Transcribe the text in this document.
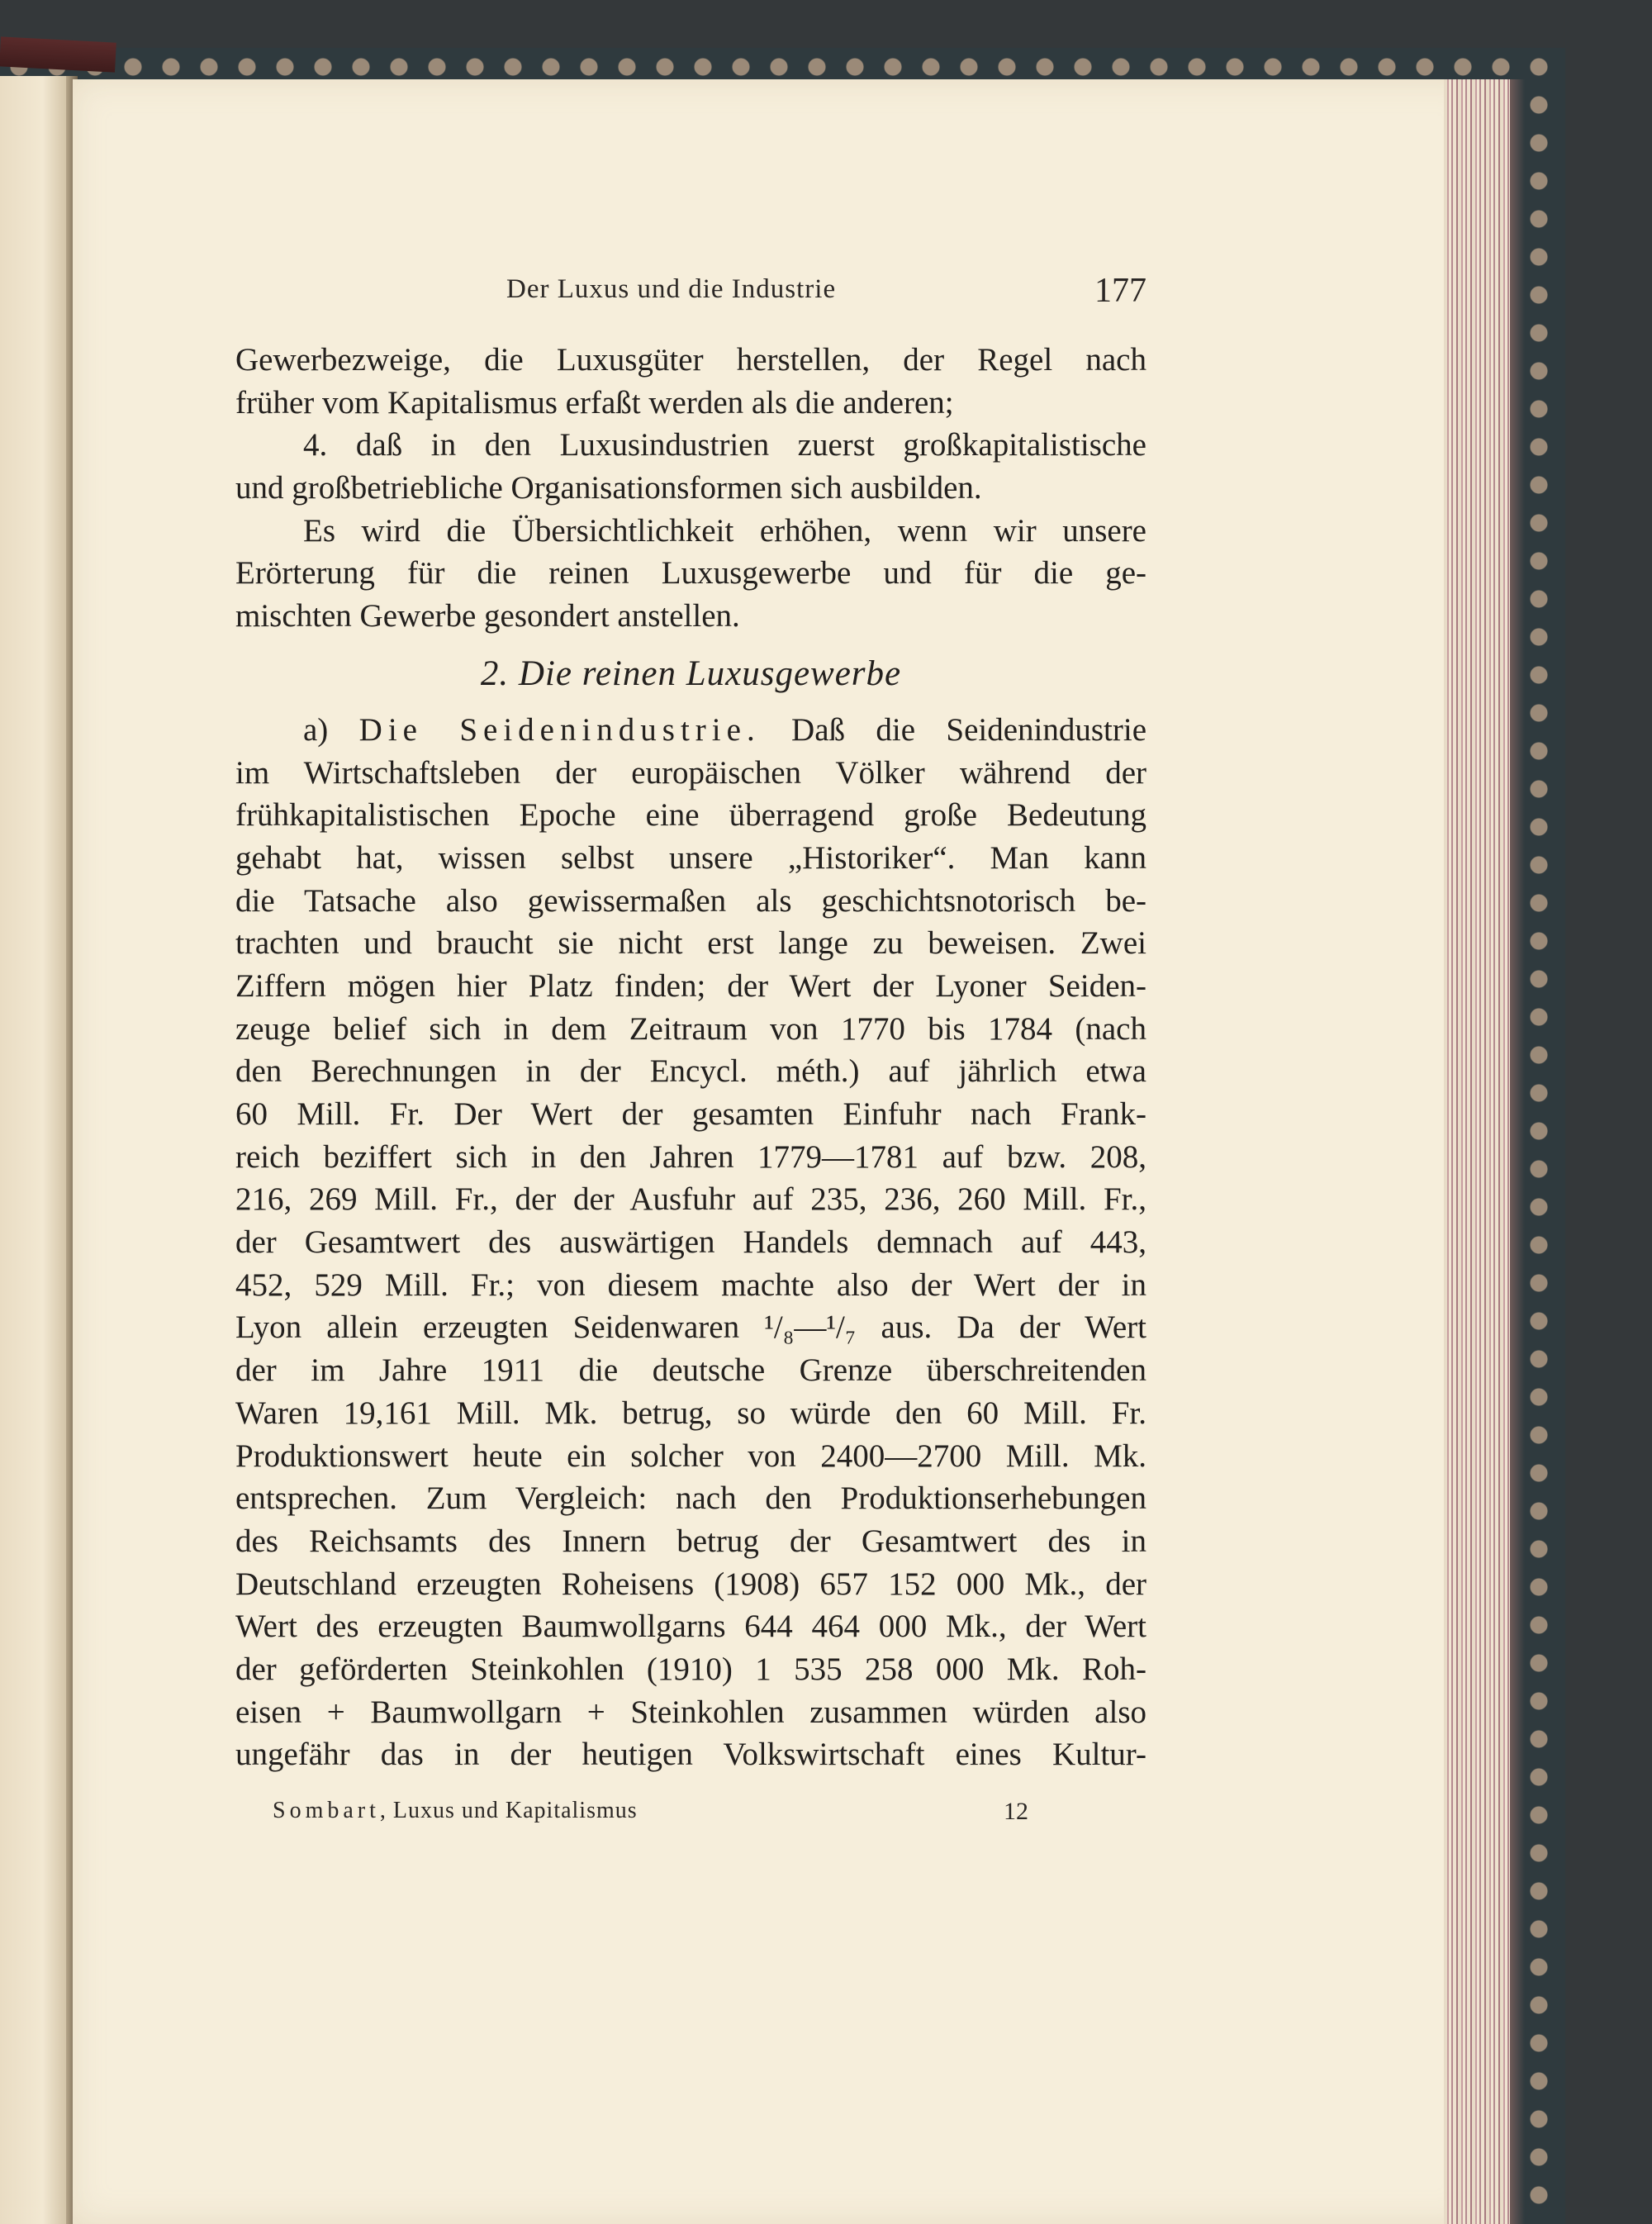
Der Luxus und die Industrie	177
Gewerbezweige, die Luxusgüter herstellen, der Regel nach
früher vom Kapitalismus erfaßt werden als die anderen;
4. daß in den Luxusindustrien zuerst großkapitalistische
und großbetriebliche Organisationsformen sich ausbilden.
Es wird die Übersichtlichkeit erhöhen, wenn wir unsere
Erörterung für die reinen Luxusgewerbe und für die ge-
mischten Gewerbe gesondert anstellen.
2. Die reinen Luxusgewerbe
a) Die Seidenindustrie. Daß die Seidenindustrie
im Wirtschaftsleben der europäischen Völker während der
frühkapitalistischen Epoche eine überragend große Bedeutung
gehabt hat, wissen selbst unsere „Historiker“. Man kann
die Tatsache also gewissermaßen als geschichtsnotorisch be-
trachten und braucht sie nicht erst lange zu beweisen. Zwei
Ziffern mögen hier Platz finden; der Wert der Lyoner Seiden-
zeuge belief sich in dem Zeitraum von 1770 bis 1784 (nach
den Berechnungen in der Encycl. méth.) auf jährlich etwa
60 Mill. Fr. Der Wert der gesamten Einfuhr nach Frank-
reich beziffert sich in den Jahren 1779—1781 auf bzw. 208,
216, 269 Mill. Fr., der der Ausfuhr auf 235, 236, 260 Mill. Fr.,
der Gesamtwert des auswärtigen Handels demnach auf 443,
452, 529 Mill. Fr.; von diesem machte also der Wert der in
Lyon allein erzeugten Seidenwaren ¹/₈—¹/₇ aus. Da der Wert
der im Jahre 1911 die deutsche Grenze überschreitenden
Waren 19,161 Mill. Mk. betrug, so würde den 60 Mill. Fr.
Produktionswert heute ein solcher von 2400—2700 Mill. Mk.
entsprechen. Zum Vergleich: nach den Produktionserhebungen
des Reichsamts des Innern betrug der Gesamtwert des in
Deutschland erzeugten Roheisens (1908) 657 152 000 Mk., der
Wert des erzeugten Baumwollgarns 644 464 000 Mk., der Wert
der geförderten Steinkohlen (1910) 1 535 258 000 Mk. Roh-
eisen + Baumwollgarn + Steinkohlen zusammen würden also
ungefähr das in der heutigen Volkswirtschaft eines Kultur-
Sombart, Luxus und Kapitalismus	12
